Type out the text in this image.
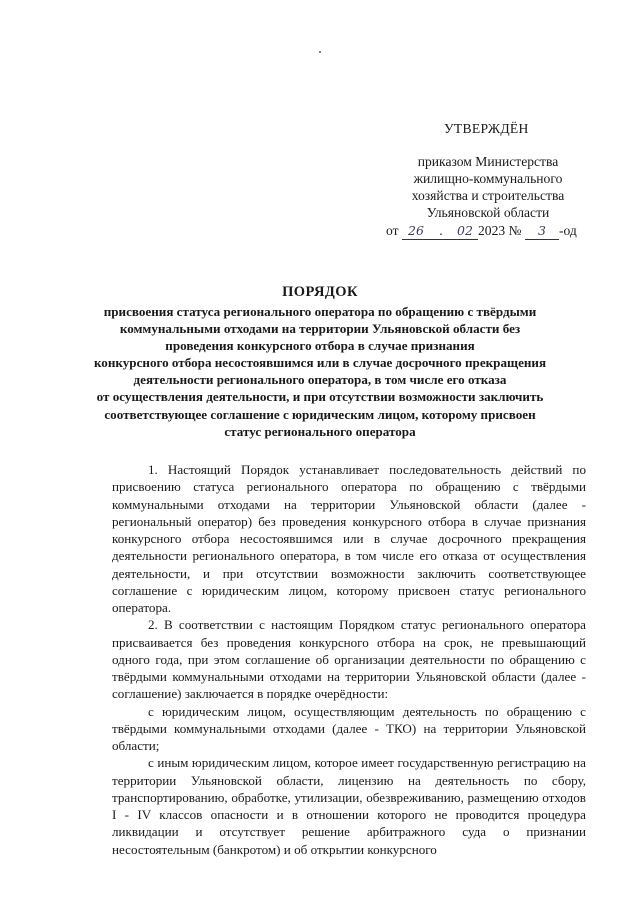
УТВЕРЖДЁН
приказом Министерства
жилищно-коммунального
хозяйства и строительства
Ульяновской области
от 26 . 02 2023 № 3 -од
ПОРЯДОК
присвоения статуса регионального оператора по обращению с твёрдыми
коммунальными отходами на территории Ульяновской области без
проведения конкурсного отбора в случае признания
конкурсного отбора несостоявшимся или в случае досрочного прекращения
деятельности регионального оператора, в том числе его отказа
от осуществления деятельности, и при отсутствии возможности заключить
соответствующее соглашение с юридическим лицом, которому присвоен
статус регионального оператора

1. Настоящий Порядок устанавливает последовательность действий по присвоению статуса регионального оператора по обращению с твёрдыми коммунальными отходами на территории Ульяновской области (далее - региональный оператор) без проведения конкурсного отбора в случае признания конкурсного отбора несостоявшимся или в случае досрочного прекращения деятельности регионального оператора, в том числе его отказа от осуществления деятельности, и при отсутствии возможности заключить соответствующее соглашение с юридическим лицом, которому присвоен статус регионального оператора.

2. В соответствии с настоящим Порядком статус регионального оператора присваивается без проведения конкурсного отбора на срок, не превышающий одного года, при этом соглашение об организации деятельности по обращению с твёрдыми коммунальными отходами на территории Ульяновской области (далее - соглашение) заключается в порядке очерёдности:

с юридическим лицом, осуществляющим деятельность по обращению с твёрдыми коммунальными отходами (далее - ТКО) на территории Ульяновской области;

с иным юридическим лицом, которое имеет государственную регистрацию на территории Ульяновской области, лицензию на деятельность по сбору, транспортированию, обработке, утилизации, обезвреживанию, размещению отходов I - IV классов опасности и в отношении которого не проводится процедура ликвидации и отсутствует решение арбитражного суда о признании несостоятельным (банкротом) и об открытии конкурсного
